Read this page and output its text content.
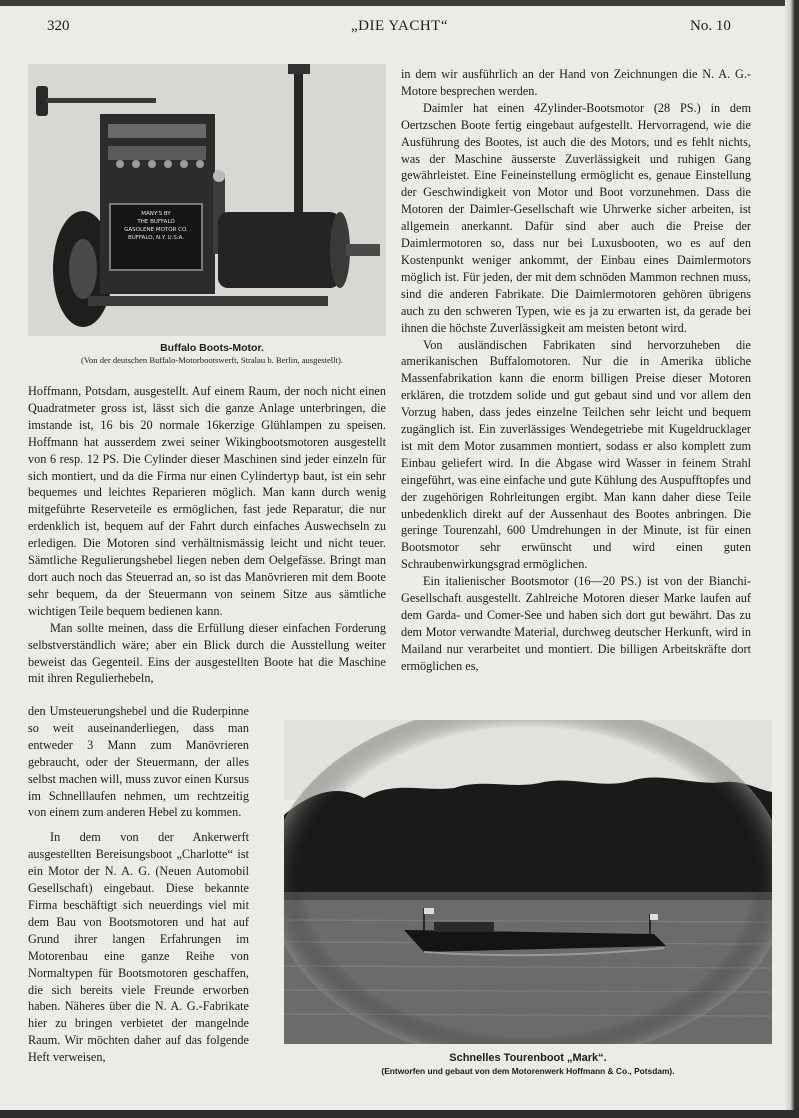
320	„DIE YACHT“	No. 10
MANY'S BY
THE BUFFALO
GASOLENE MOTOR CO.
BUFFALO, N.Y. U.S.A.
Buffalo Boots-Motor.
(Von der deutschen Buffalo-Motorbootswerft, Stralau b. Berlin, ausgestellt).

Hoffmann, Potsdam, ausgestellt. Auf einem Raum, der noch nicht einen Quadratmeter gross ist, lässt sich die ganze Anlage unterbringen, die imstande ist, 16 bis 20 normale 16kerzige Glühlampen zu speisen. Hoffmann hat ausserdem zwei seiner Wikingbootsmotoren ausgestellt von 6 resp. 12 PS. Die Cylinder dieser Maschinen sind jeder einzeln für sich montiert, und da die Firma nur einen Cylindertyp baut, ist ein sehr bequemes und leichtes Reparieren möglich. Man kann durch wenig mitgeführte Reserveteile es ermöglichen, fast jede Reparatur, die nur erdenklich ist, bequem auf der Fahrt durch einfaches Auswechseln zu erledigen. Die Motoren sind verhältnismässig leicht und nicht teuer. Sämtliche Regulierungshebel liegen neben dem Oelgefässe. Bringt man dort auch noch das Steuerrad an, so ist das Manövrieren mit dem Boote sehr bequem, da der Steuermann von seinem Sitze aus sämtliche wichtigen Teile bequem bedienen kann.

Man sollte meinen, dass die Erfüllung dieser einfachen Forderung selbstverständlich wäre; aber ein Blick durch die Ausstellung weiter beweist das Gegenteil. Eins der ausgestellten Boote hat die Maschine mit ihren Regulierhebeln,

den Umsteuerungshebel und die Ruderpinne so weit auseinanderliegen, dass man entweder 3 Mann zum Manövrieren gebraucht, oder der Steuermann, der alles selbst machen will, muss zuvor einen Kursus im Schnelllaufen nehmen, um rechtzeitig von einem zum anderen Hebel zu kommen.

In dem von der Ankerwerft ausgestellten Bereisungsboot „Charlotte“ ist ein Motor der N. A. G. (Neuen Automobil Gesellschaft) eingebaut. Diese bekannte Firma beschäftigt sich neuerdings viel mit dem Bau von Bootsmotoren und hat auf Grund ihrer langen Erfahrungen im Motorenbau eine ganze Reihe von Normaltypen für Bootsmotoren geschaffen, die sich bereits viele Freunde erworben haben. Näheres über die N. A. G.-Fabrikate hier zu bringen verbietet der mangelnde Raum. Wir möchten daher auf das folgende Heft verweisen,

in dem wir ausführlich an der Hand von Zeichnungen die N. A. G.-Motore besprechen werden.

Daimler hat einen 4Zylinder-Bootsmotor (28 PS.) in dem Oertzschen Boote fertig eingebaut aufgestellt. Hervorragend, wie die Ausführung des Bootes, ist auch die des Motors, und es fehlt nichts, was der Maschine äusserste Zuverlässigkeit und ruhigen Gang gewährleistet. Eine Feineinstellung ermöglicht es, genaue Einstellung der Geschwindigkeit von Motor und Boot vorzunehmen. Dass die Motoren der Daimler-Gesellschaft wie Uhrwerke sicher arbeiten, ist allgemein anerkannt. Dafür sind aber auch die Preise der Daimlermotoren so, dass nur bei Luxusbooten, wo es auf den Kostenpunkt weniger ankommt, der Einbau eines Daimlermotors möglich ist. Für jeden, der mit dem schnöden Mammon rechnen muss, sind die anderen Fabrikate. Die Daimlermotoren gehören übrigens auch zu den schweren Typen, wie es ja zu erwarten ist, da gerade bei ihnen die höchste Zuverlässigkeit am meisten betont wird.

Von ausländischen Fabrikaten sind hervorzuheben die amerikanischen Buffalomotoren. Nur die in Amerika übliche Massenfabrikation kann die enorm billigen Preise dieser Motoren erklären, die trotzdem solide und gut gebaut sind und vor allem den Vorzug haben, dass jedes einzelne Teilchen sehr leicht und bequem zugänglich ist. Ein zuverlässiges Wendegetriebe mit Kugeldrucklager ist mit dem Motor zusammen montiert, sodass er also komplett zum Einbau geliefert wird. In die Abgase wird Wasser in feinem Strahl eingeführt, was eine einfache und gute Kühlung des Auspufftopfes und der zugehörigen Rohrleitungen ergibt. Man kann daher diese Teile unbedenklich direkt auf der Aussenhaut des Bootes anbringen. Die geringe Tourenzahl, 600 Umdrehungen in der Minute, ist für einen Bootsmotor sehr erwünscht und wird einen guten Schraubenwirkungsgrad ermöglichen.

Ein italienischer Bootsmotor (16—20 PS.) ist von der Bianchi-Gesellschaft ausgestellt. Zahlreiche Motoren dieser Marke laufen auf dem Garda- und Comer-See und haben sich dort gut bewährt. Das zu dem Motor verwandte Material, durchweg deutscher Herkunft, wird in Mailand nur verarbeitet und montiert. Die billigen Arbeitskräfte dort ermöglichen es,

Schnelles Tourenboot „Mark“.
(Entworfen und gebaut von dem Motorenwerk Hoffmann & Co., Potsdam).
